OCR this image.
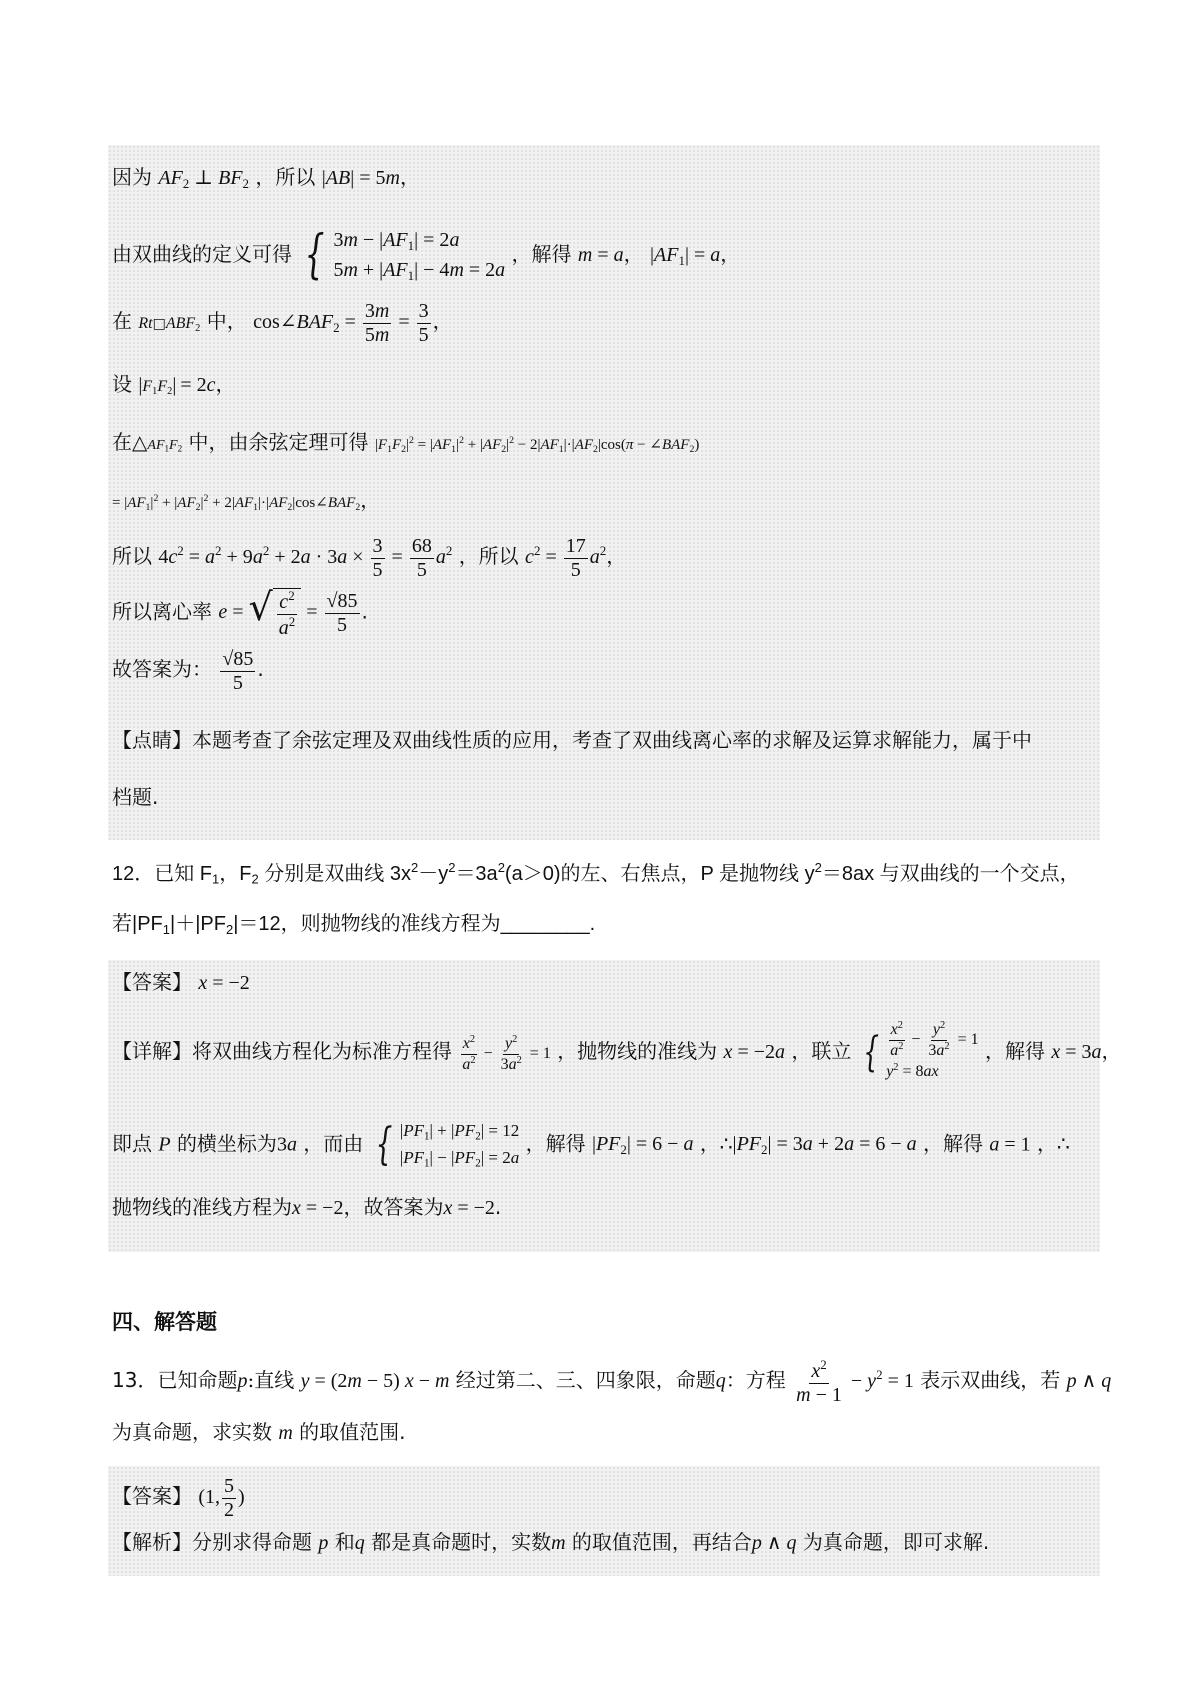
因为 $AF_2$ ⊥ $BF_2$ ，所以 |AB| = 5m，
由双曲线的定义可得 { $3m - |AF_1| = 2a$
$5m + |AF_1| - 4m = 2a$
，解得 m = a， $|AF_1| = a$，
在 $Rt□ABF_2$ 中， $\cos\angle BAF_2 = \frac{3m}{5m} = \frac{3}{5}$ ，
设 $|F_1F_2| = 2c$，
在$\triangle AF_1F_2$ 中，由余弦定理可得 $|F_1F_2|^2 = |AF_1|^2 + |AF_2|^2 - 2|AF_1|\cdot|AF_2|\cos(\pi$ − $\angle BAF_2$)
= $|AF_1|^2 + |AF_2|^2$ + $2|AF_1|\cdot|AF_2|\cos\angle BAF_2$，
所以 $4c^2 = a^2 + 9a^2 + 2a \cdot 3a \times \frac{3}{5} = \frac{68}{5} a^2$ ，所以 $c^2 = \frac{17}{5} a^2$，
所以离心率 e = √ $\frac{c^2}{a^2} = \frac{√85}{5}$ .
故答案为： $\frac{√85}{5}$ .
【点睛】本题考查了余弦定理及双曲线性质的应用，考查了双曲线离心率的求解及运算求解能力，属于中
档题.
12．已知 $F_1$，$F_2$ 分别是双曲线 $3x^2-y^2=3a^2(a>0)$的左、右焦点，P 是抛物线 $y^2=8ax$ 与双曲线的一个交点，
若$|PF_1|+|PF_2|=12$，则抛物线的准线方程为________.
【答案】 x = −2
【详解】将双曲线方程化为标准方程得 $\frac{x^2}{a^2} - \frac{y^2}{3a^2} = 1$ ，抛物线的准线为 x = −2a ，联立 { $\frac{x^2}{a^2} - \frac{y^2}{3a^2} = 1$
$y^2 = 8ax$
，解得 x = 3a，
即点 P 的横坐标为3a ，而由 { $|PF_1| + |PF_2| = 12$
$|PF_1| - |PF_2| = 2a$
，解得 $|PF_2| = 6 - a$ ，$\therefore|PF_2| = 3a + 2a = 6 - a$ ，解得 a = 1 ，∴
抛物线的准线方程为x = −2，故答案为x = −2.
四、解答题
13．已知命题p:直线 y = (2m − 5) x − m 经过第二、三、四象限，命题q：方程 $\frac{x^2}{m - 1} - y^2 = 1$ 表示双曲线，若 p ∧ q
为真命题，求实数 m 的取值范围.
【答案】 (1, $\frac{5}{2}$ )
【解析】分别求得命题 p 和q 都是真命题时，实数m 的取值范围，再结合p ∧ q 为真命题，即可求解.
